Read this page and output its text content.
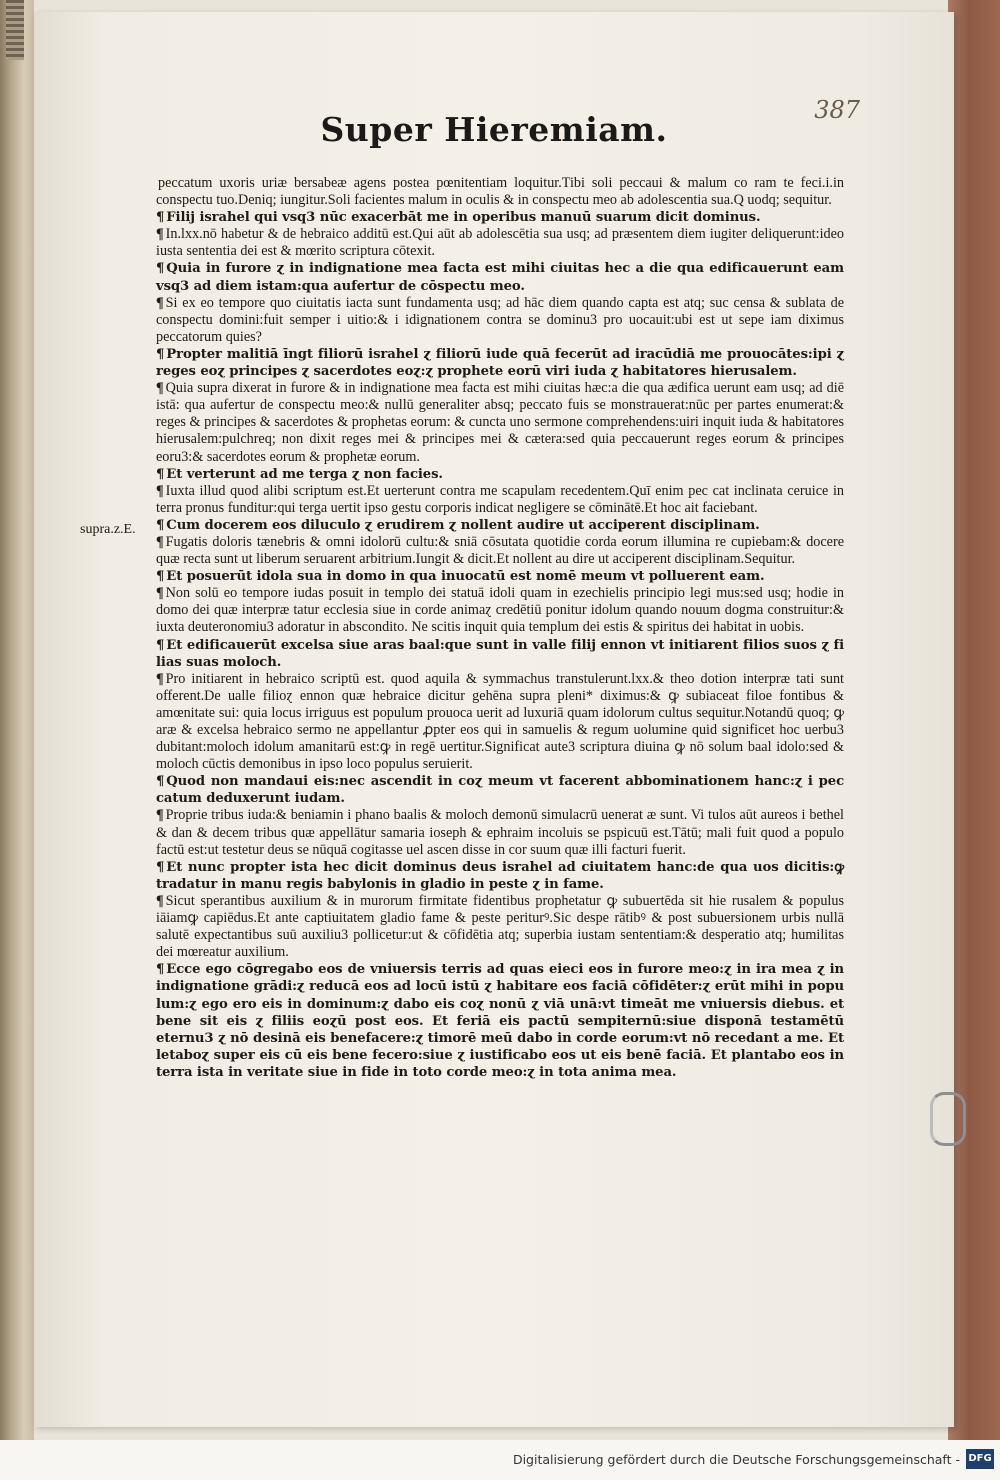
Super Hieremiam.	387
supra.z.E.

peccatum uxoris uriæ bersabeæ agens postea pœnitentiam loquitur.Tibi soli peccaui & malum co ram te feci.i.in conspectu tuo.Deniq; iungitur.Soli facientes malum in oculis & in conspectu meo ab adolescentia sua.Q uodq; sequitur.

¶ Filij israhel qui vsq3 nūc exacerbāt me in operibus manuū suarum dicit dominus.

¶ In.lxx.nō habetur & de hebraico additū est.Qui aūt ab adolescētia sua usq; ad præsentem diem iugiter deliquerunt:ideo iusta sententia dei est & mœrito scriptura cōtexit.

¶ Quia in furore ɀ in indignatione mea facta est mihi ciuitas hec a die qua edificauerunt eam vsq3 ad diem istam:qua aufertur de cōspectu meo.

¶ Si ex eo tempore quo ciuitatis iacta sunt fundamenta usq; ad hāc diem quando capta est atq; suc censa & sublata de conspectu domini:fuit semper i uitio:& i idignationem contra se dominu3 pro uocauit:ubi est ut sepe iam diximus peccatorum quies?

¶ Propter malitiā īngt filiorū israhel ɀ filiorū iude quā fecerūt ad iracūdiā me prouocātes:ipi ɀ reges eoɀ principes ɀ sacerdotes eoɀ:ɀ prophete eorū viri iuda ɀ habitatores hierusalem.

¶ Quia supra dixerat in furore & in indignatione mea facta est mihi ciuitas hæc:a die qua ædifica uerunt eam usq; ad diē istā: qua aufertur de conspectu meo:& nullū generaliter absq; peccato fuis se monstrauerat:nūc per partes enumerat:& reges & principes & sacerdotes & prophetas eorum: & cuncta uno sermone comprehendens:uiri inquit iuda & habitatores hierusalem:pulchreq; non dixit reges mei & principes mei & cætera:sed quia peccauerunt reges eorum & principes eoru3:& sacerdotes eorum & prophetæ eorum.

¶ Et verterunt ad me terga ɀ non facies.

¶ Iuxta illud quod alibi scriptum est.Et uerterunt contra me scapulam recedentem.Quī enim pec cat inclinata ceruice in terra pronus funditur:qui terga uertit ipso gestu corporis indicat negligere se cōminātē.Et hoc ait faciebant.

¶ Cum docerem eos diluculo ɀ erudirem ɀ nollent audire ut acciperent disciplinam.

¶ Fugatis doloris tænebris & omni idolorū cultu:& sniā cōsutata quotidie corda eorum illumina re cupiebam:& docere quæ recta sunt ut liberum seruarent arbitrium.Iungit & dicit.Et nollent au dire ut acciperent disciplinam.Sequitur.

¶ Et posuerūt idola sua in domo in qua inuocatū est nomē meum vt polluerent eam.

¶ Non solū eo tempore iudas posuit in templo dei statuā idoli quam in ezechielis principio legi mus:sed usq; hodie in domo dei quæ interpræ tatur ecclesia siue in corde animaɀ credētiū ponitur idolum quando nouum dogma construitur:& iuxta deuteronomiu3 adoratur in abscondito. Ne scitis inquit quia templum dei estis & spiritus dei habitat in uobis.

¶ Et edificauerūt excelsa siue aras baal:que sunt in valle filij ennon vt initiarent filios suos ɀ fi lias suas moloch.

¶ Pro initiarent in hebraico scriptū est. quod aquila & symmachus transtulerunt.lxx.& theo dotion interpræ tati sunt offerent.De ualle filioɀ ennon quæ hebraice dicitur gehēna supra pleni* diximus:& ꝙ subiaceat filoe fontibus & amœnitate sui: quia locus irriguus est populum prouoca uerit ad luxuriā quam idolorum cultus sequitur.Notandū quoq; ꝙ aræ & excelsa hebraico sermo ne appellantur ꝓpter eos qui in samuelis & regum uolumine quid significet hoc uerbu3 dubitant:moloch idolum amanitarū est:ꝙ in regē uertitur.Significat aute3 scriptura diuina ꝙ nō solum baal idolo:sed & moloch cūctis demonibus in ipso loco populus seruierit.

¶ Quod non mandaui eis:nec ascendit in coɀ meum vt facerent abbominationem hanc:ɀ i pec catum deduxerunt iudam.

¶ Proprie tribus iuda:& beniamin i phano baalis & moloch demonū simulacrū uenerat æ sunt. Vi tulos aūt aureos i bethel & dan & decem tribus quæ appellātur samaria ioseph & ephraim incoluis se pspicuū est.Tātū; mali fuit quod a populo factū est:ut testetur deus se nūquā cogitasse uel ascen disse in cor suum quæ illi facturi fuerit.

¶ Et nunc propter ista hec dicit dominus deus israhel ad ciuitatem hanc:de qua uos dicitis:ꝙ tradatur in manu regis babylonis in gladio in peste ɀ in fame.

¶ Sicut sperantibus auxilium & in murorum firmitate fidentibus prophetatur ꝙ subuertēda sit hie rusalem & populus iāiamꝙ capiēdus.Et ante captiuitatem gladio fame & peste periturꝰ.Sic despe rātibꝰ & post subuersionem urbis nullā salutē expectantibus suū auxiliu3 pollicetur:ut & cōfidētia atq; superbia iustam sententiam:& desperatio atq; humilitas dei mœreatur auxilium.

¶ Ecce ego cōgregabo eos de vniuersis terris ad quas eieci eos in furore meo:ɀ in ira mea ɀ in indignatione grādi:ɀ reducā eos ad locū istū ɀ habitare eos faciā cōfidēter:ɀ erūt mihi in popu lum:ɀ ego ero eis in dominum:ɀ dabo eis coɀ nonū ɀ viā unā:vt timeāt me vniuersis diebus. et bene sit eis ɀ filiis eoɀū post eos. Et feriā eis pactū sempiternū:siue disponā testamētū eternu3 ɀ nō desinā eis benefacere:ɀ timorē meū dabo in corde eorum:vt nō recedant a me. Et letaboɀ super eis cū eis bene fecero:siue ɀ iustificabo eos ut eis benē faciā. Et plantabo eos in terra ista in veritate siue in fide in toto corde meo:ɀ in tota anima mea.

Digitalisierung gefördert durch die Deutsche Forschungsgemeinschaft - DFG
